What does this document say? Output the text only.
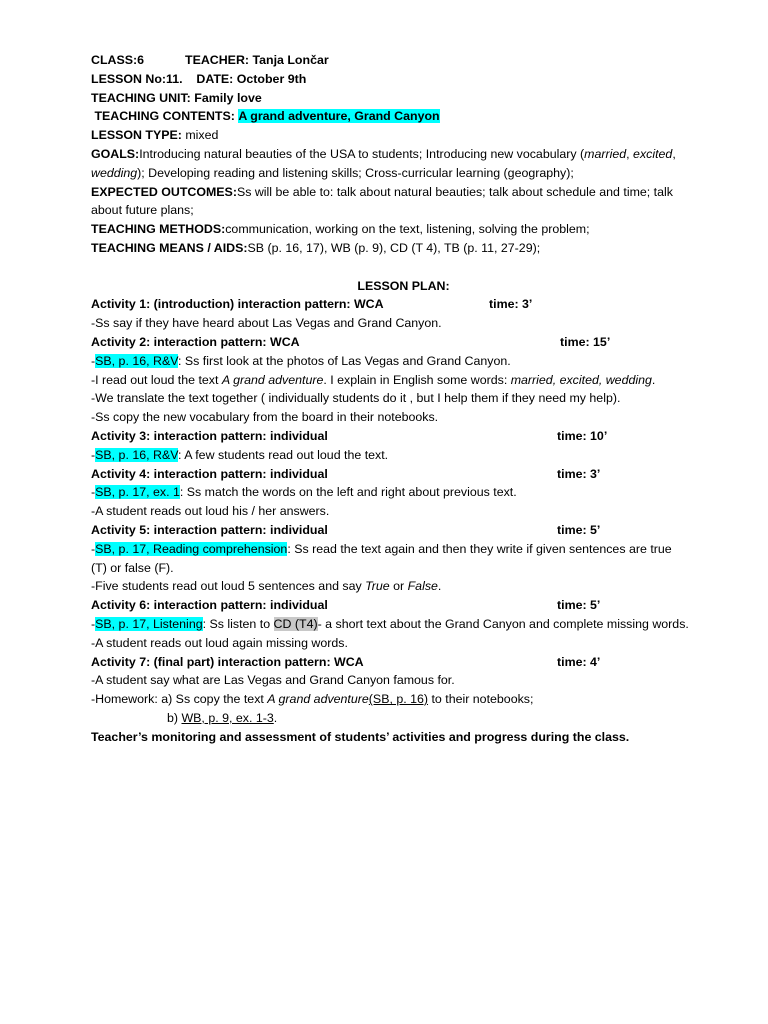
CLASS:6	TEACHER: Tanja Lončar
LESSON No:11. DATE: October 9th
TEACHING UNIT: Family love
TEACHING CONTENTS: A grand adventure, Grand Canyon
LESSON TYPE: mixed
GOALS:Introducing natural beauties of the USA to students; Introducing new vocabulary (married, excited,
wedding); Developing reading and listening skills; Cross-curricular learning (geography);
EXPECTED OUTCOMES:Ss will be able to: talk about natural beauties; talk about schedule and time; talk
about future plans;
TEACHING METHODS:communication, working on the text, listening, solving the problem;
TEACHING MEANS / AIDS:SB (p. 16, 17), WB (p. 9), CD (T 4), TB (p. 11, 27-29);
LESSON PLAN:
Activity 1: (introduction) interaction pattern: WCA	time: 3’
-Ss say if they have heard about Las Vegas and Grand Canyon.
Activity 2: interaction pattern: WCA	time: 15’
-SB, p. 16, R&V: Ss first look at the photos of Las Vegas and Grand Canyon.
-I read out loud the text A grand adventure. I explain in English some words: married, excited, wedding.
-We translate the text together ( individually students do it , but I help them if they need my help).
-Ss copy the new vocabulary from the board in their notebooks.
Activity 3: interaction pattern: individual	time: 10’
-SB, p. 16, R&V: A few students read out loud the text.
Activity 4: interaction pattern: individual	time: 3’
-SB, p. 17, ex. 1: Ss match the words on the left and right about previous text.
-A student reads out loud his / her answers.
Activity 5: interaction pattern: individual	time: 5’
-SB, p. 17, Reading comprehension: Ss read the text again and then they write if given sentences are true
(T) or false (F).
-Five students read out loud 5 sentences and say True or False.
Activity 6: interaction pattern: individual	time: 5’
-SB, p. 17, Listening: Ss listen to CD (T4)- a short text about the Grand Canyon and complete missing words.
-A student reads out loud again missing words.
Activity 7: (final part) interaction pattern: WCA	time: 4’
-A student say what are Las Vegas and Grand Canyon famous for.
-Homework: a) Ss copy the text A grand adventure(SB, p. 16) to their notebooks;
b) WB, p. 9, ex. 1-3.
Teacher’s monitoring and assessment of students’ activities and progress during the class.
